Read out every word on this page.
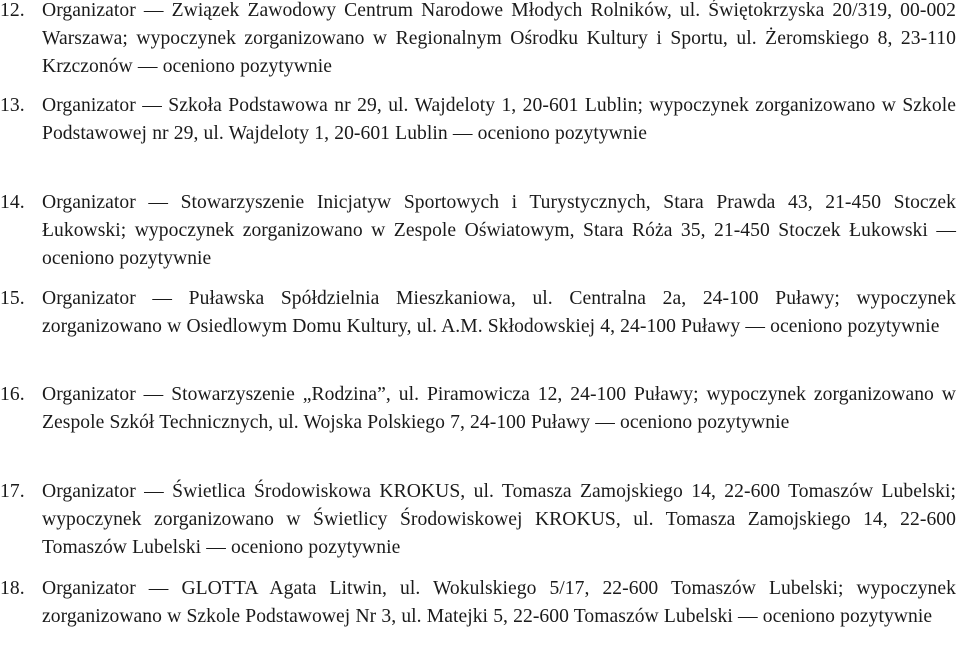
12. Organizator — Związek Zawodowy Centrum Narodowe Młodych Rolników, ul. Świętokrzyska 20/319, 00-002 Warszawa; wypoczynek zorganizowano w Regionalnym Ośrodku Kultury i Sportu, ul. Żeromskiego 8, 23-110 Krzczonów — oceniono pozytywnie
13. Organizator — Szkoła Podstawowa nr 29, ul. Wajdeloty 1, 20-601 Lublin; wypoczynek zorganizowano w Szkole Podstawowej nr 29, ul. Wajdeloty 1, 20-601 Lublin — oceniono pozytywnie
14. Organizator — Stowarzyszenie Inicjatyw Sportowych i Turystycznych, Stara Prawda 43, 21-450 Stoczek Łukowski; wypoczynek zorganizowano w Zespole Oświatowym, Stara Róża 35, 21-450 Stoczek Łukowski — oceniono pozytywnie
15. Organizator — Puławska Spółdzielnia Mieszkaniowa, ul. Centralna 2a, 24-100 Puławy; wypoczynek zorganizowano w Osiedlowym Domu Kultury, ul. A.M. Skłodowskiej 4, 24-100 Puławy — oceniono pozytywnie
16. Organizator — Stowarzyszenie „Rodzina”, ul. Piramowicza 12, 24-100 Puławy; wypoczynek zorganizowano w Zespole Szkół Technicznych, ul. Wojska Polskiego 7, 24-100 Puławy — oceniono pozytywnie
17. Organizator — Świetlica Środowiskowa KROKUS, ul. Tomasza Zamojskiego 14, 22-600 Tomaszów Lubelski; wypoczynek zorganizowano w Świetlicy Środowiskowej KROKUS, ul. Tomasza Zamojskiego 14, 22-600 Tomaszów Lubelski — oceniono pozytywnie
18. Organizator — GLOTTA Agata Litwin, ul. Wokulskiego 5/17, 22-600 Tomaszów Lubelski; wypoczynek zorganizowano w Szkole Podstawowej Nr 3, ul. Matejki 5, 22-600 Tomaszów Lubelski — oceniono pozytywnie
